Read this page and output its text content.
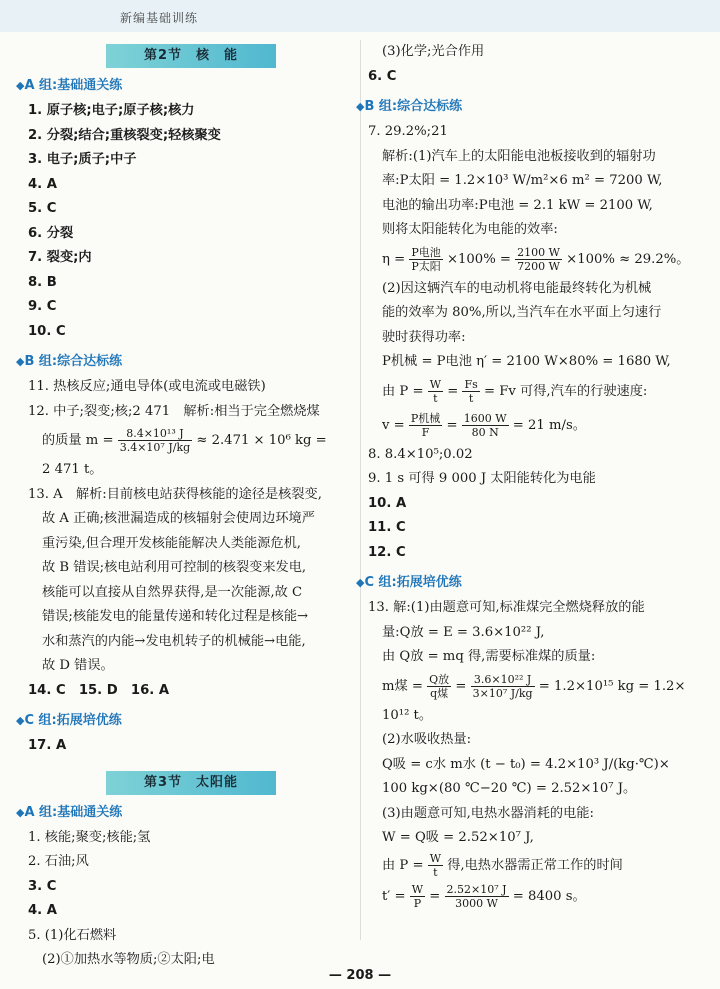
新编基础训练
第2节　核　能
◆A 组:基础通关练
1. 原子核;电子;原子核;核力
2. 分裂;结合;重核裂变;轻核聚变
3. 电子;质子;中子
4. A
5. C
6. 分裂
7. 裂变;内
8. B
9. C
10. C
◆B 组:综合达标练
11. 热核反应;通电导体(或电流或电磁铁)
12. 中子;裂变;核;2 471　解析:相当于完全燃烧煤
的质量 $m = \frac{\text{8.4×10¹³ J}}{\text{3.4×10⁷ J/kg}} \approx 2.471 \times 10^6$ kg =
2 471 t。
13. A　解析:目前核电站获得核能的途径是核裂变,
故 A 正确;核泄漏造成的核辐射会使周边环境严
重污染,但合理开发核能能解决人类能源危机,
故 B 错误;核电站利用可控制的核裂变来发电,
核能可以直接从自然界获得,是一次能源,故 C
错误;核能发电的能量传递和转化过程是核能→
水和蒸汽的内能→发电机转子的机械能→电能,
故 D 错误。
14. C　15. D　16. A
◆C 组:拓展培优练
17. A
第3节　太阳能
◆A 组:基础通关练
1. 核能;聚变;核能;氢
2. 石油;风
3. C
4. A
5. (1)化石燃料
(2)①加热水等物质;②太阳;电
(3)化学;光合作用
6. C
◆B 组:综合达标练
7. 29.2%;21
解析:(1)汽车上的太阳能电池板接收到的辐射功
率:P太阳 = 1.2×10³ W/m²×6 m² = 7200 W,
电池的输出功率:P电池 = 2.1 kW = 2100 W,
则将太阳能转化为电能的效率:
η = P电池
P太阳 $\times 100\% = \frac{2100 W}{7200 W} \times 100\% \approx 29.2\%$。
(2)因这辆汽车的电动机将电能最终转化为机械
能的效率为 80%,所以,当汽车在水平面上匀速行
驶时获得功率:
P机械 = P电池 η′ = 2100 W×80% = 1680 W,
由 $P = \frac{W}{t} = \frac{Fs}{t} = Fv$ 可得,汽车的行驶速度:
v = P机械
F	= $\frac{1600 W}{80 N} = 21$ m/s。
8. 8.4×10⁵;0.02
9. 1 s 可得 9 000 J 太阳能转化为电能
10. A
11. C
12. C
◆C 组:拓展培优练
13. 解:(1)由题意可知,标准煤完全燃烧释放的能
量:Q放 = E = 3.6×10²² J,
由 Q放 = mq 得,需要标准煤的质量:
m煤 = Q放
q煤 = $\frac{\text{3.6×10²² J}}{\text{3×10⁷ J/kg}} = 1.2\times 10^{15}$ kg = 1.2×
10¹² t。
(2)水吸收热量:
Q吸 = c水 m水 (t − t₀) = 4.2×10³ J/(kg·℃)×
100 kg×(80 ℃−20 ℃) = 2.52×10⁷ J。
(3)由题意可知,电热水器消耗的电能:
W = Q吸 = 2.52×10⁷ J,
由 $P = \frac{W}{t}$ 得,电热水器需正常工作的时间
$t' = \frac{W}{P} = \frac{\text{2.52×10⁷ J}}{3000 W} = 8400$ s。
— 208 —
